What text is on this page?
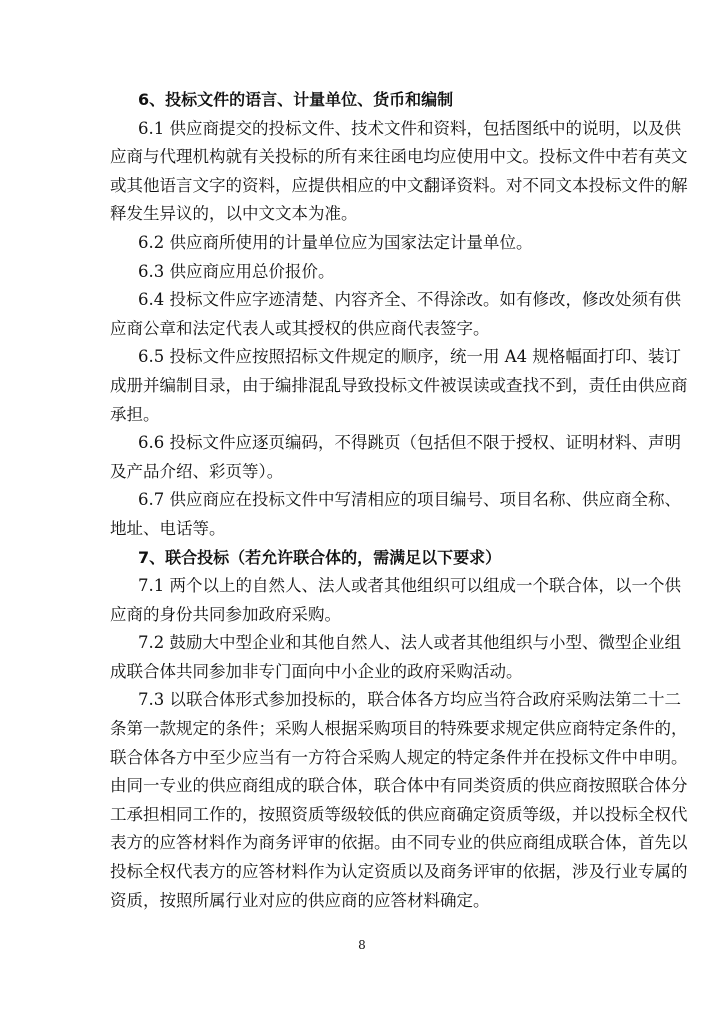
6、投标文件的语言、计量单位、货币和编制
6.1 供应商提交的投标文件、技术文件和资料，包括图纸中的说明，以及供
应商与代理机构就有关投标的所有来往函电均应使用中文。投标文件中若有英文
或其他语言文字的资料，应提供相应的中文翻译资料。对不同文本投标文件的解
释发生异议的，以中文文本为准。
6.2 供应商所使用的计量单位应为国家法定计量单位。
6.3 供应商应用总价报价。
6.4 投标文件应字迹清楚、内容齐全、不得涂改。如有修改，修改处须有供
应商公章和法定代表人或其授权的供应商代表签字。
6.5 投标文件应按照招标文件规定的顺序，统一用 A4 规格幅面打印、装订
成册并编制目录，由于编排混乱导致投标文件被误读或查找不到，责任由供应商
承担。
6.6 投标文件应逐页编码，不得跳页（包括但不限于授权、证明材料、声明
及产品介绍、彩页等）。
6.7 供应商应在投标文件中写清相应的项目编号、项目名称、供应商全称、
地址、电话等。
7、联合投标（若允许联合体的，需满足以下要求）
7.1 两个以上的自然人、法人或者其他组织可以组成一个联合体，以一个供
应商的身份共同参加政府采购。
7.2 鼓励大中型企业和其他自然人、法人或者其他组织与小型、微型企业组
成联合体共同参加非专门面向中小企业的政府采购活动。
7.3 以联合体形式参加投标的，联合体各方均应当符合政府采购法第二十二
条第一款规定的条件；采购人根据采购项目的特殊要求规定供应商特定条件的，
联合体各方中至少应当有一方符合采购人规定的特定条件并在投标文件中申明。
由同一专业的供应商组成的联合体，联合体中有同类资质的供应商按照联合体分
工承担相同工作的，按照资质等级较低的供应商确定资质等级，并以投标全权代
表方的应答材料作为商务评审的依据。由不同专业的供应商组成联合体，首先以
投标全权代表方的应答材料作为认定资质以及商务评审的依据，涉及行业专属的
资质，按照所属行业对应的供应商的应答材料确定。
8
